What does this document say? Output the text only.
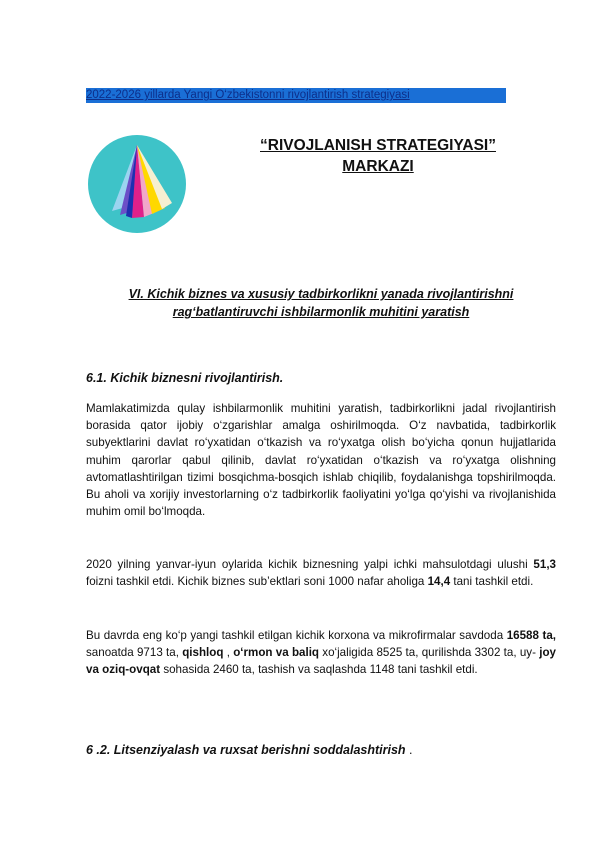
2022-2026 yillarda Yangi O‘zbekistonni rivojlantirish strategiyasi
“RIVOJLANISH STRATEGIYASI”
MARKAZI
VI. Kichik biznes va xususiy tadbirkorlikni yanada rivojlantirishni
rag‘batlantiruvchi ishbilarmonlik muhitini yaratish
6.1. Kichik biznesni rivojlantirish.
Mamlakatimizda qulay ishbilarmonlik muhitini yaratish, tadbirkorlikni jadal rivojlantirish borasida qator ijobiy o‘zgarishlar amalga oshirilmoqda. O‘z navbatida, tadbirkorlik subyektlarini davlat ro‘yxatidan o‘tkazish va ro‘yxatga olish bo‘yicha qonun hujjatlarida muhim qarorlar qabul qilinib, davlat ro‘yxatidan o‘tkazish va ro‘yxatga olishning avtomatlashtirilgan tizimi bosqichma-bosqich ishlab chiqilib, foydalanishga topshirilmoqda. Bu aholi va xorijiy investorlarning o‘z tadbirkorlik faoliyatini yo‘lga qo‘yishi va rivojlanishida muhim omil bo‘lmoqda.
2020 yilning yanvar-iyun oylarida kichik biznesning yalpi ichki mahsulotdagi ulushi 51,3 foizni tashkil etdi. Kichik biznes sub’ektlari soni 1000 nafar aholiga 14,4 tani tashkil etdi.
Bu davrda eng ko‘p yangi tashkil etilgan kichik korxona va mikrofirmalar savdoda 16588 ta, sanoatda 9713 ta, qishloq , o‘rmon va baliq xo‘jaligida 8525 ta, qurilishda 3302 ta, uy- joy va oziq-ovqat sohasida 2460 ta, tashish va saqlashda 1148 tani tashkil etdi.
6 .2. Litsenziyalash va ruxsat berishni soddalashtirish .
